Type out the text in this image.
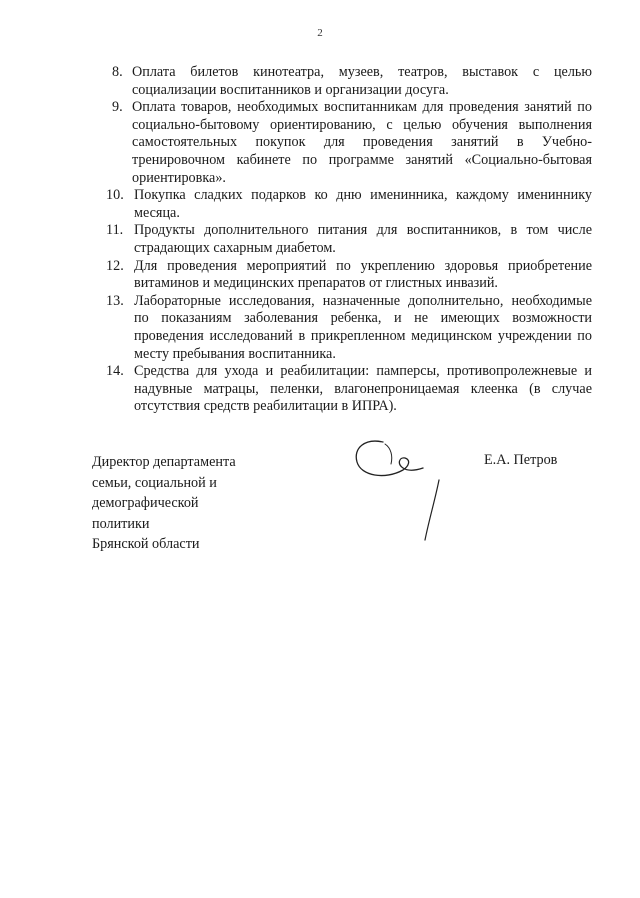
2
8. Оплата билетов кинотеатра, музеев, театров, выставок с целью социализации воспитанников и организации досуга.
9. Оплата товаров, необходимых воспитанникам для проведения занятий по социально-бытовому ориентированию, с целью обучения выполнения самостоятельных покупок для проведения занятий в Учебно-тренировочном кабинете по программе занятий «Социально-бытовая ориентировка».
10. Покупка сладких подарков ко дню именинника, каждому имениннику месяца.
11. Продукты дополнительного питания для воспитанников, в том числе страдающих сахарным диабетом.
12. Для проведения мероприятий по укреплению здоровья приобретение витаминов и медицинских препаратов от глистных инвазий.
13. Лабораторные исследования, назначенные дополнительно, необходимые по показаниям заболевания ребенка, и не имеющих возможности проведения исследований в прикрепленном медицинском учреждении по месту пребывания воспитанника.
14. Средства для ухода и реабилитации: памперсы, противопролежневые и надувные матрацы, пеленки, влагонепроницаемая клеенка (в случае отсутствия средств реабилитации в ИПРА).
Директор департамента
семьи, социальной и
демографической
политики
Брянской области
Е.А. Петров
